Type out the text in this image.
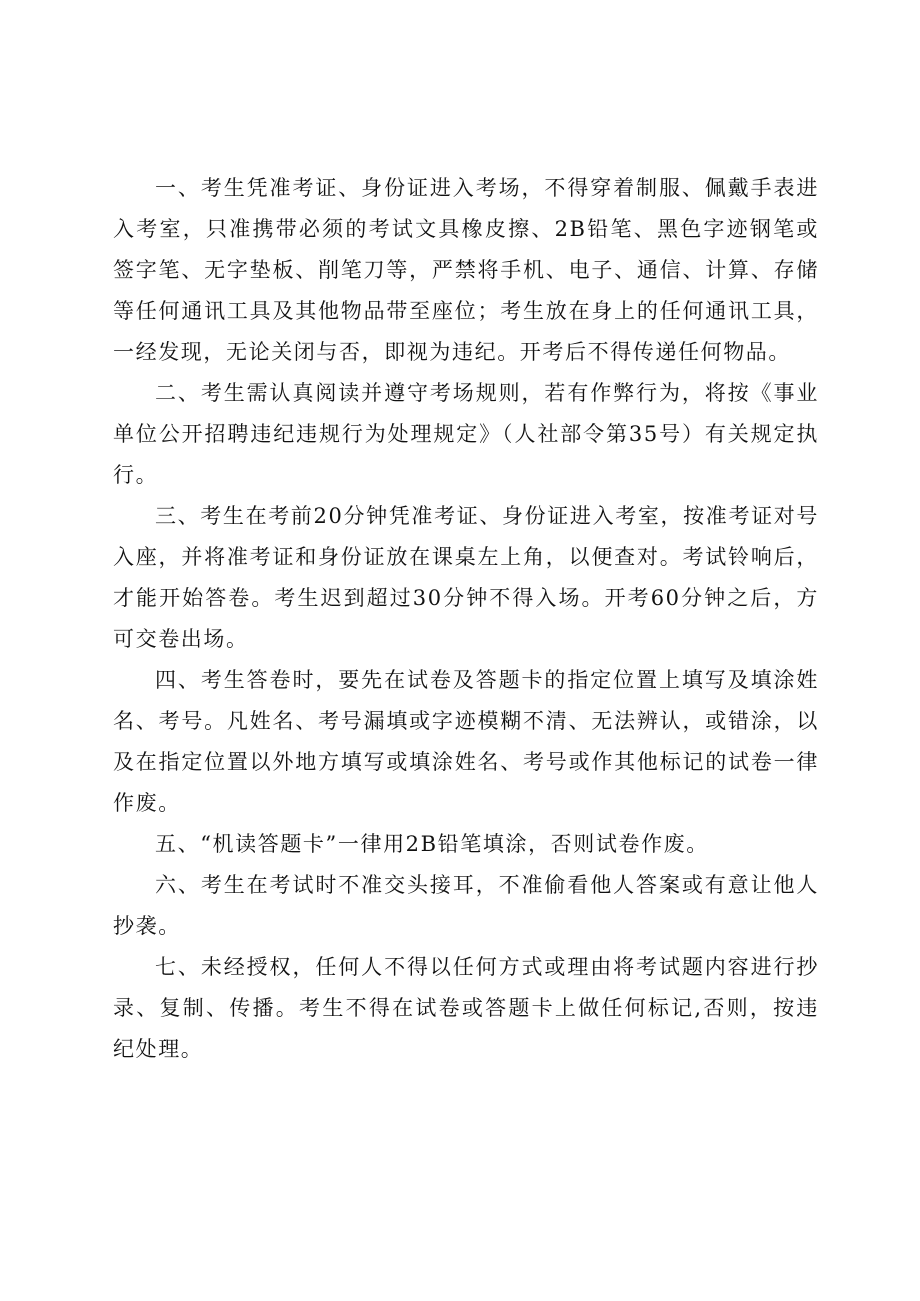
一、考生凭准考证、身份证进入考场，不得穿着制服、佩戴手表进入考室，只准携带必须的考试文具橡皮擦、2B铅笔、黑色字迹钢笔或签字笔、无字垫板、削笔刀等，严禁将手机、电子、通信、计算、存储等任何通讯工具及其他物品带至座位；考生放在身上的任何通讯工具，一经发现，无论关闭与否，即视为违纪。开考后不得传递任何物品。

二、考生需认真阅读并遵守考场规则，若有作弊行为，将按《事业单位公开招聘违纪违规行为处理规定》（人社部令第35号）有关规定执行。

三、考生在考前20分钟凭准考证、身份证进入考室，按准考证对号入座，并将准考证和身份证放在课桌左上角，以便查对。考试铃响后，才能开始答卷。考生迟到超过30分钟不得入场。开考60分钟之后，方可交卷出场。

四、考生答卷时，要先在试卷及答题卡的指定位置上填写及填涂姓名、考号。凡姓名、考号漏填或字迹模糊不清、无法辨认，或错涂，以及在指定位置以外地方填写或填涂姓名、考号或作其他标记的试卷一律作废。

五、“机读答题卡”一律用2B铅笔填涂，否则试卷作废。

六、考生在考试时不准交头接耳，不准偷看他人答案或有意让他人抄袭。

七、未经授权，任何人不得以任何方式或理由将考试题内容进行抄录、复制、传播。考生不得在试卷或答题卡上做任何标记,否则，按违纪处理。
